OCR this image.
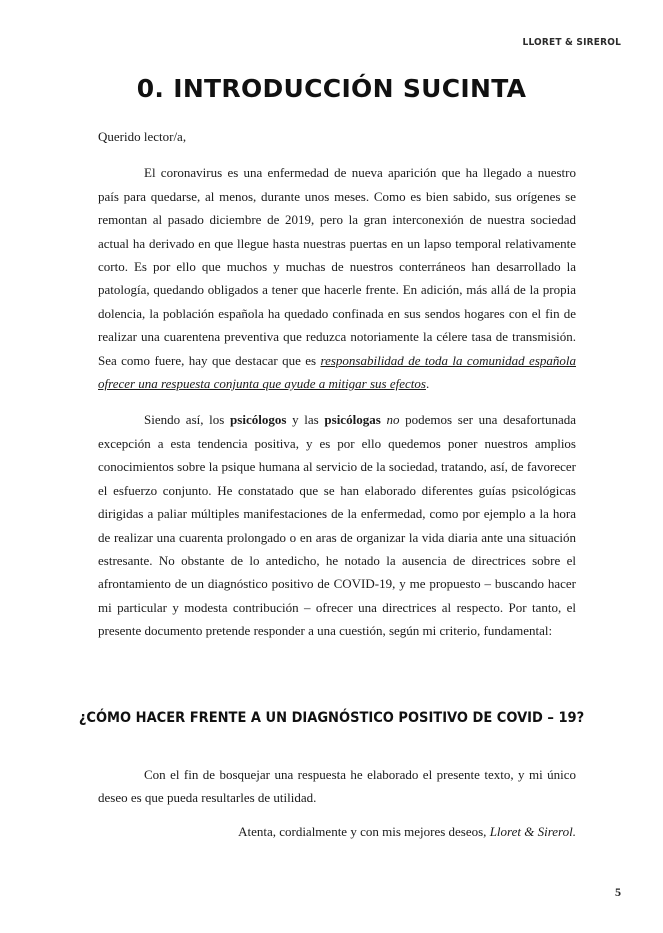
LLORET & SIREROL
0. INTRODUCCIÓN SUCINTA

Querido lector/a,

El coronavirus es una enfermedad de nueva aparición que ha llegado a nuestro país para quedarse, al menos, durante unos meses. Como es bien sabido, sus orígenes se remontan al pasado diciembre de 2019, pero la gran interconexión de nuestra sociedad actual ha derivado en que llegue hasta nuestras puertas en un lapso temporal relativamente corto. Es por ello que muchos y muchas de nuestros conterráneos han desarrollado la patología, quedando obligados a tener que hacerle frente. En adición, más allá de la propia dolencia, la población española ha quedado confinada en sus sendos hogares con el fin de realizar una cuarentena preventiva que reduzca notoriamente la célere tasa de transmisión. Sea como fuere, hay que destacar que es responsabilidad de toda la comunidad española ofrecer una respuesta conjunta que ayude a mitigar sus efectos.

Siendo así, los psicólogos y las psicólogas no podemos ser una desafortunada excepción a esta tendencia positiva, y es por ello quedemos poner nuestros amplios conocimientos sobre la psique humana al servicio de la sociedad, tratando, así, de favorecer el esfuerzo conjunto. He constatado que se han elaborado diferentes guías psicológicas dirigidas a paliar múltiples manifestaciones de la enfermedad, como por ejemplo a la hora de realizar una cuarenta prolongado o en aras de organizar la vida diaria ante una situación estresante. No obstante de lo antedicho, he notado la ausencia de directrices sobre el afrontamiento de un diagnóstico positivo de COVID-19, y me propuesto – buscando hacer mi particular y modesta contribución – ofrecer una directrices al respecto. Por tanto, el presente documento pretende responder a una cuestión, según mi criterio, fundamental:

¿CÓMO HACER FRENTE A UN DIAGNÓSTICO POSITIVO DE COVID – 19?

Con el fin de bosquejar una respuesta he elaborado el presente texto, y mi único deseo es que pueda resultarles de utilidad.

Atenta, cordialmente y con mis mejores deseos, Lloret & Sirerol.
5
